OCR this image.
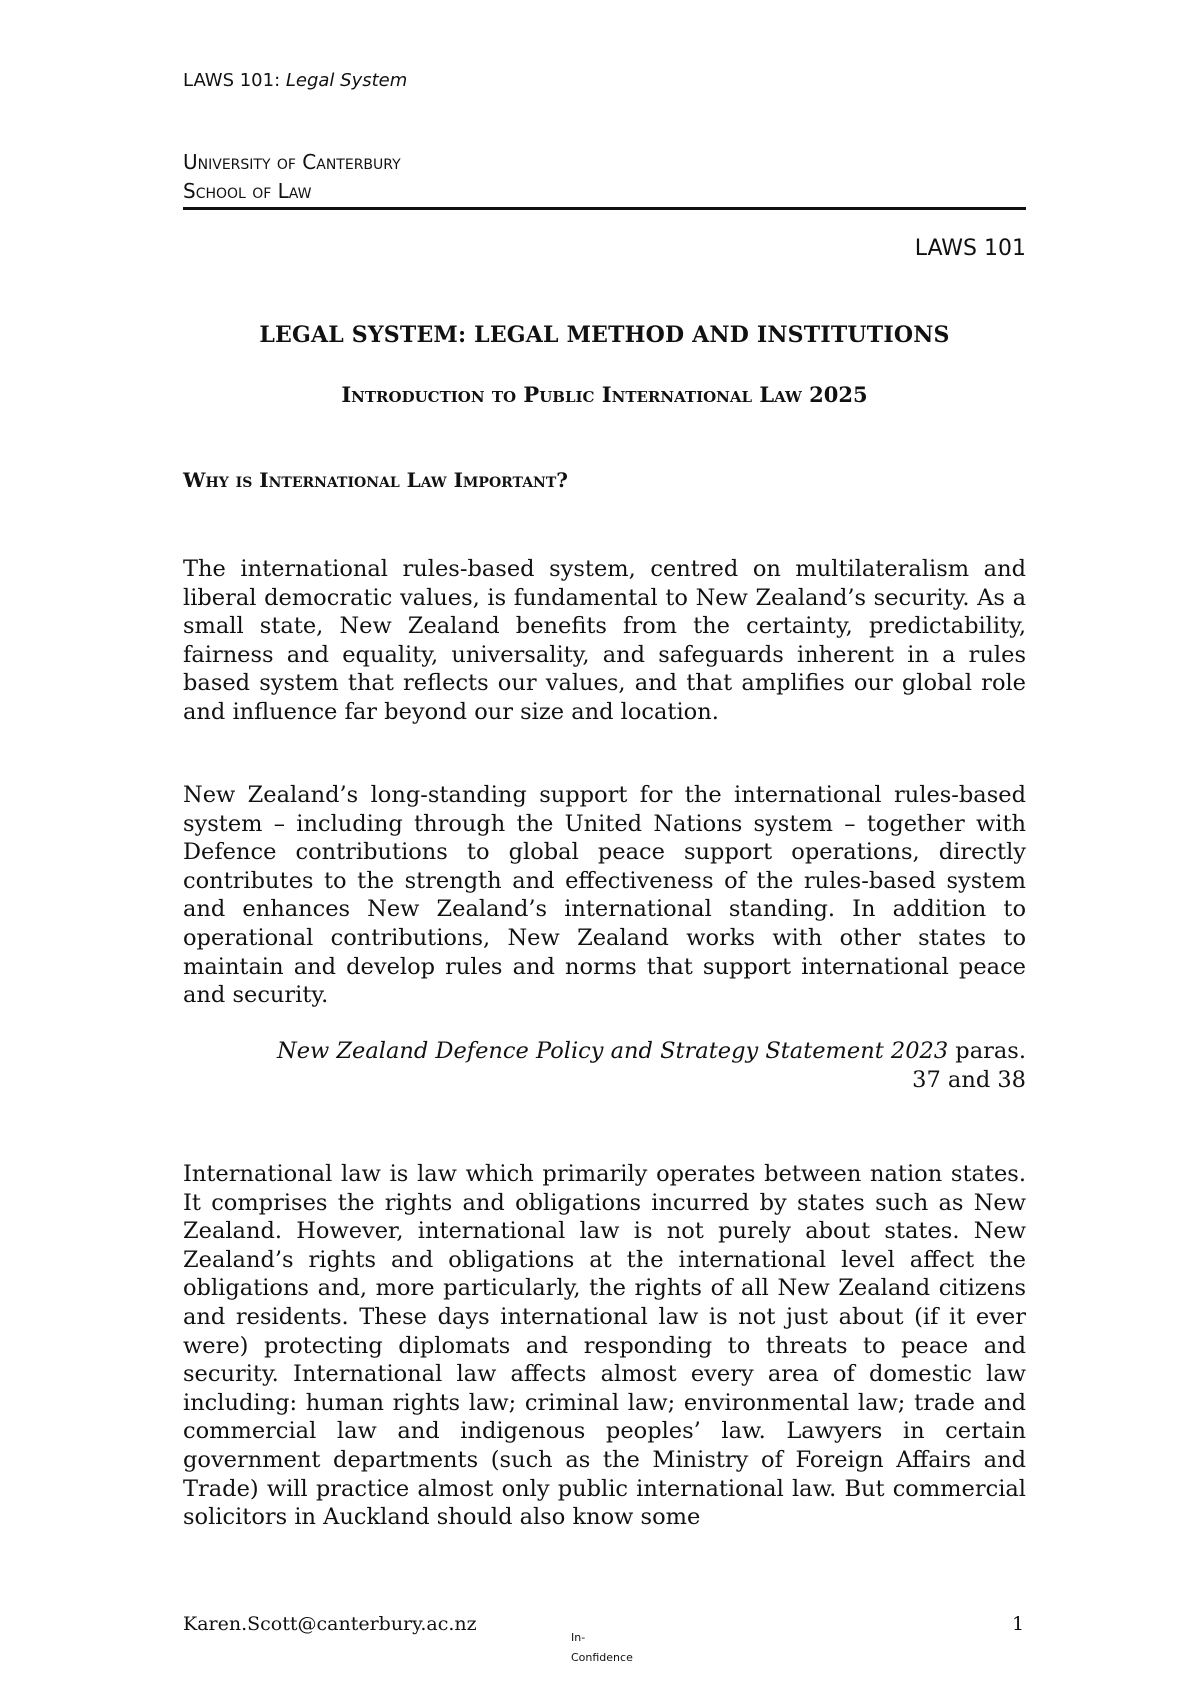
LAWS 101: Legal System
University of Canterbury
School of Law
LAWS 101
LEGAL SYSTEM: LEGAL METHOD AND INSTITUTIONS
Introduction to Public International Law 2025
Why is International Law Important?

The international rules-based system, centred on multilateralism and liberal democratic values, is fundamental to New Zealand’s security. As a small state, New Zealand benefits from the certainty, predictability, fairness and equality, universality, and safeguards inherent in a rules based system that reflects our values, and that amplifies our global role and influence far beyond our size and location.

New Zealand’s long-standing support for the international rules-based system – including through the United Nations system – together with Defence contributions to global peace support operations, directly contributes to the strength and effectiveness of the rules-based system and enhances New Zealand’s international standing. In addition to operational contributions, New Zealand works with other states to maintain and develop rules and norms that support international peace and security.

New Zealand Defence Policy and Strategy Statement 2023 paras.
37 and 38

International law is law which primarily operates between nation states. It comprises the rights and obligations incurred by states such as New Zealand. However, international law is not purely about states. New Zealand’s rights and obligations at the international level affect the obligations and, more particularly, the rights of all New Zealand citizens and residents. These days international law is not just about (if it ever were) protecting diplomats and responding to threats to peace and security. International law affects almost every area of domestic law including: human rights law; criminal law; environmental law; trade and commercial law and indigenous peoples’ law. Lawyers in certain government departments (such as the Ministry of Foreign Affairs and Trade) will practice almost only public international law. But commercial solicitors in Auckland should also know some

Karen.Scott@canterbury.ac.nz
In-
Confidence
1
